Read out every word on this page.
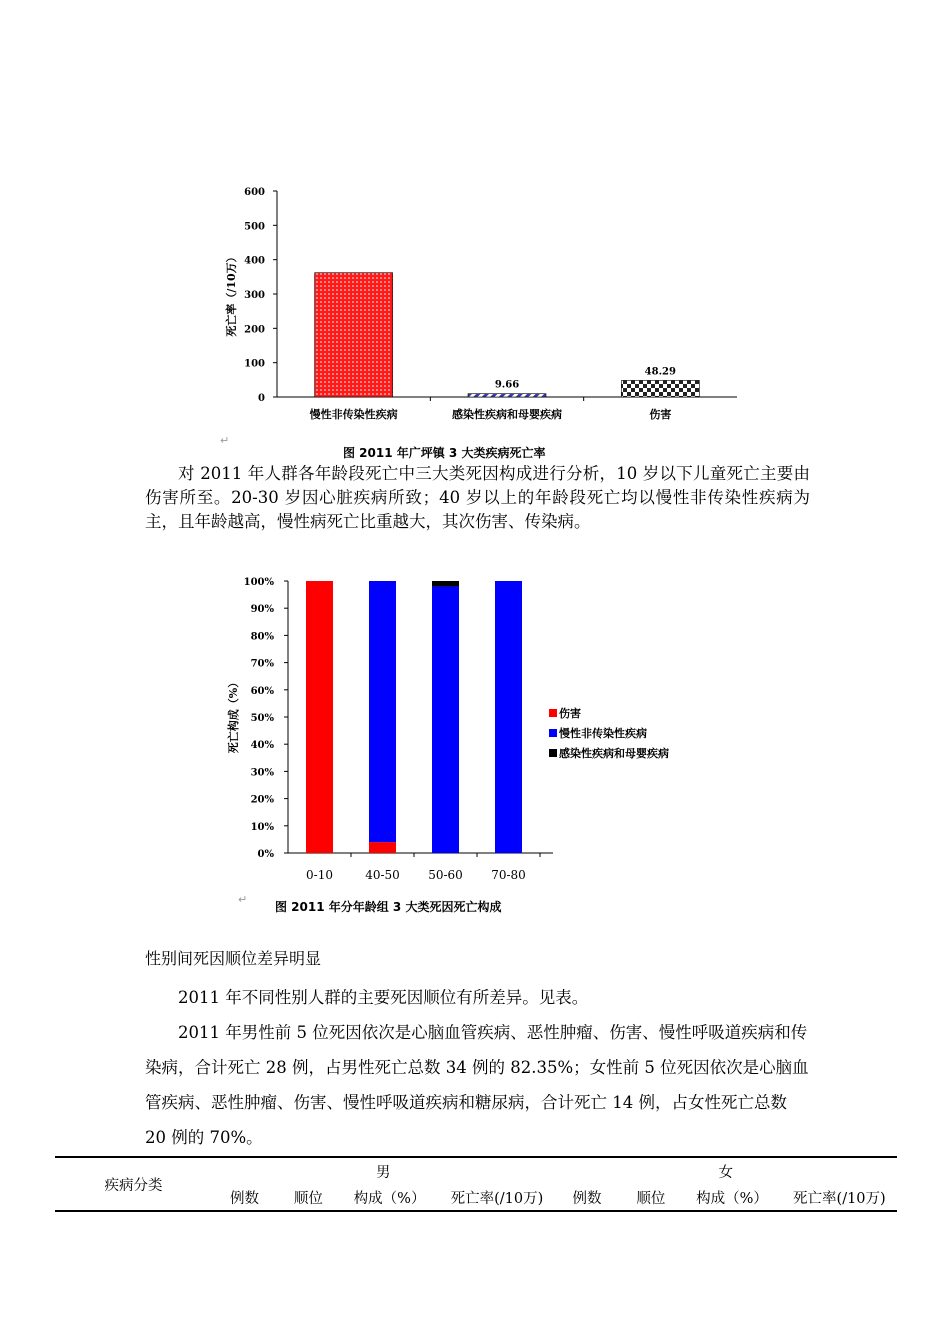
0
100
200
300
400
500
600
慢性非传染性疾病	感染性疾病和母婴疾病	伤害
9.66
48.29
死亡率（/10万）
↵
图 2011 年广坪镇 3 大类疾病死亡率
对 2011 年人群各年龄段死亡中三大类死因构成进行分析，10 岁以下儿童死亡主要由伤害所至。20-30 岁因心脏疾病所致；40 岁以上的年龄段死亡均以慢性非传染性疾病为主，且年龄越高，慢性病死亡比重越大，其次伤害、传染病。
0%
10%
20%
30%
40%
50%
60%
70%
80%
90%
100%
0-10	40-50 50-60 70-80
伤害
慢性非传染性疾病
感染性疾病和母婴疾病
死亡构成（%）
↵
图 2011 年分年龄组 3 大类死因死亡构成
性别间死因顺位差异明显
2011 年不同性别人群的主要死因顺位有所差异。见表。
2011 年男性前 5 位死因依次是心脑血管疾病、恶性肿瘤、伤害、慢性呼吸道疾病和传染病，合计死亡 28 例，占男性死亡总数 34 例的 82.35%；女性前 5 位死因依次是心脑血管疾病、恶性肿瘤、伤害、慢性呼吸道疾病和糖尿病，合计死亡 14 例，占女性死亡总数 20 例的 70%。
疾病分类	男				女			
	例数	顺位	构成（%）	死亡率(/10万)	例数	顺位	构成（%）	死亡率(/10万)
